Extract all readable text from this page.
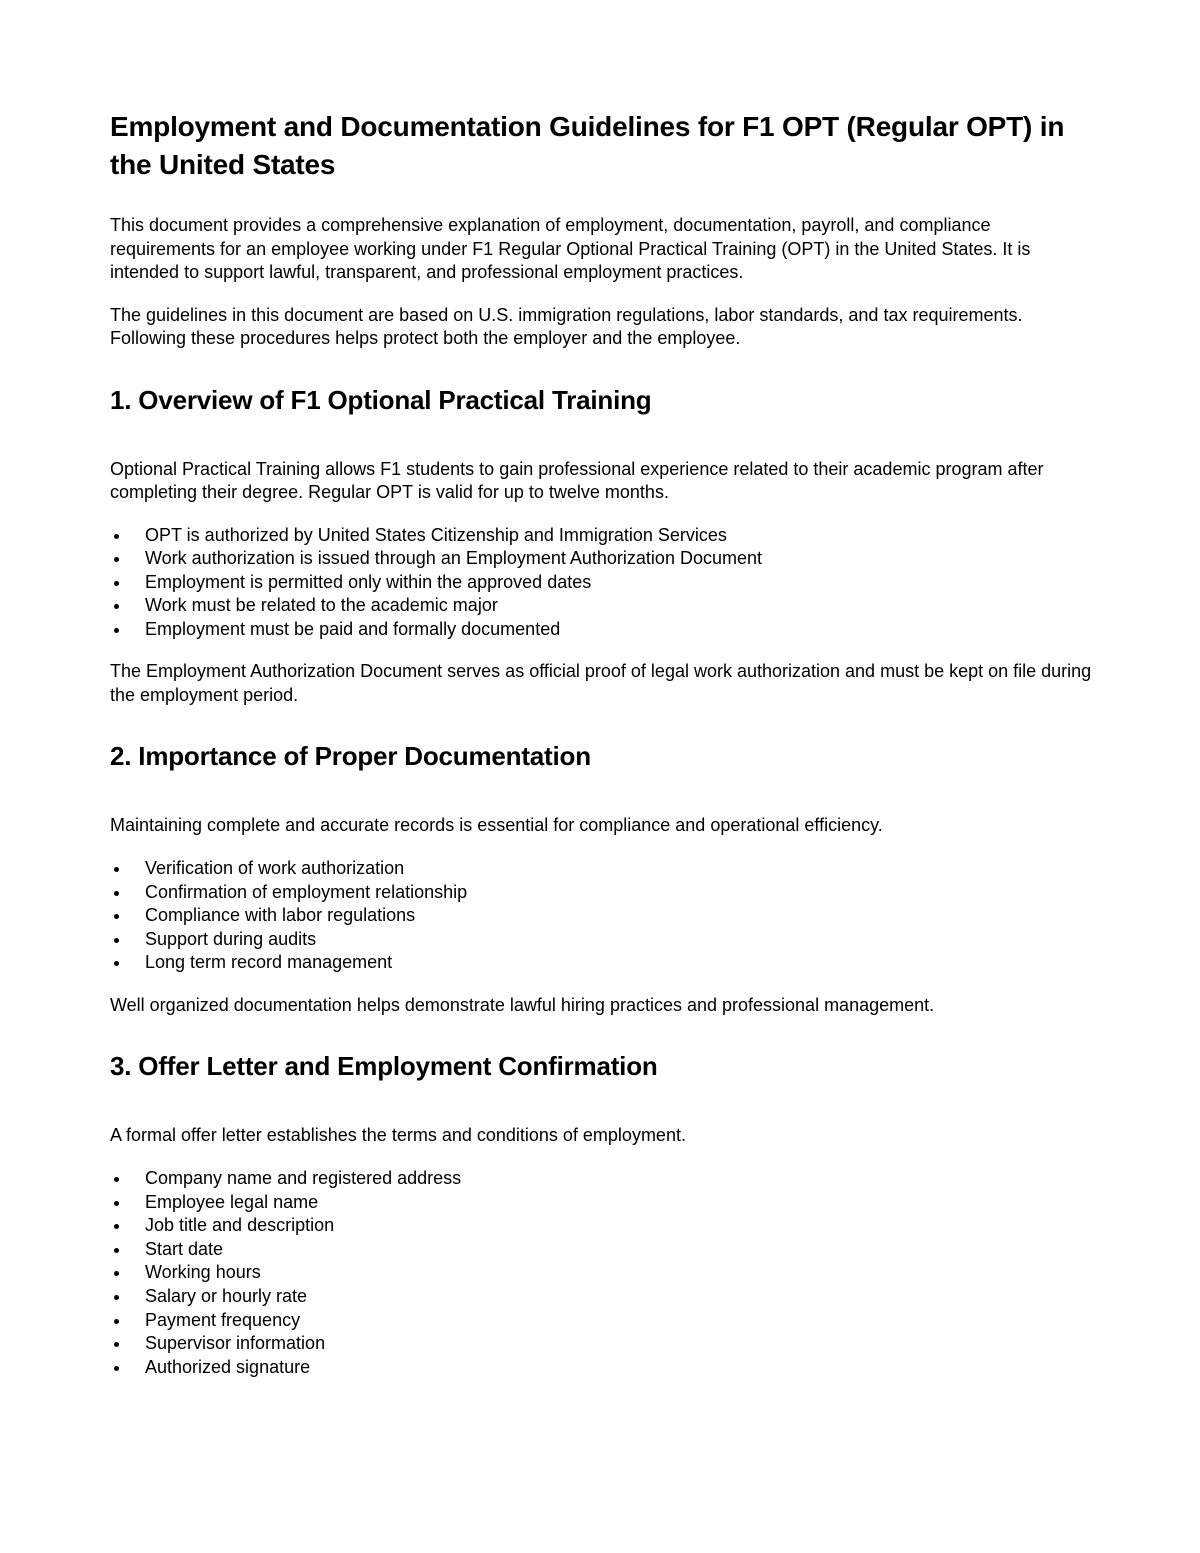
Employment and Documentation Guidelines for F1 OPT (Regular OPT) in the United States

This document provides a comprehensive explanation of employment, documentation, payroll, and compliance requirements for an employee working under F1 Regular Optional Practical Training (OPT) in the United States. It is intended to support lawful, transparent, and professional employment practices.

The guidelines in this document are based on U.S. immigration regulations, labor standards, and tax requirements. Following these procedures helps protect both the employer and the employee.

1. Overview of F1 Optional Practical Training

Optional Practical Training allows F1 students to gain professional experience related to their academic program after completing their degree. Regular OPT is valid for up to twelve months.

OPT is authorized by United States Citizenship and Immigration Services
Work authorization is issued through an Employment Authorization Document
Employment is permitted only within the approved dates
Work must be related to the academic major
Employment must be paid and formally documented

The Employment Authorization Document serves as official proof of legal work authorization and must be kept on file during the employment period.

2. Importance of Proper Documentation

Maintaining complete and accurate records is essential for compliance and operational efficiency.

Verification of work authorization
Confirmation of employment relationship
Compliance with labor regulations
Support during audits
Long term record management

Well organized documentation helps demonstrate lawful hiring practices and professional management.

3. Offer Letter and Employment Confirmation

A formal offer letter establishes the terms and conditions of employment.

Company name and registered address
Employee legal name
Job title and description
Start date
Working hours
Salary or hourly rate
Payment frequency
Supervisor information
Authorized signature
